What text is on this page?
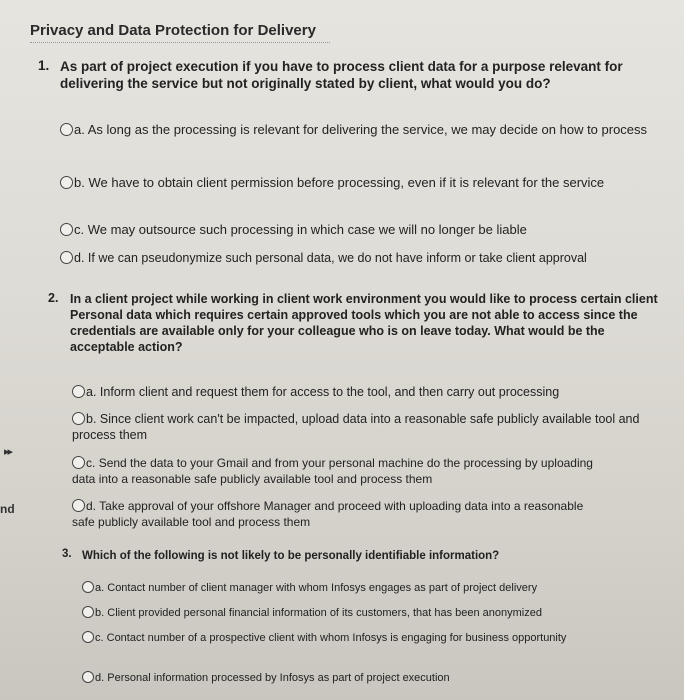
Privacy and Data Protection for Delivery
▸▸
nd
1. As part of project execution if you have to process client data for a purpose relevant for delivering the service but not originally stated by client, what would you do?
a. As long as the processing is relevant for delivering the service, we may decide on how to process
b. We have to obtain client permission before processing, even if it is relevant for the service
c. We may outsource such processing in which case we will no longer be liable
d. If we can pseudonymize such personal data, we do not have inform or take client approval
2. In a client project while working in client work environment you would like to process certain client Personal data which requires certain approved tools which you are not able to access since the credentials are available only for your colleague who is on leave today. What would be the acceptable action?
a. Inform client and request them for access to the tool, and then carry out processing
b. Since client work can't be impacted, upload data into a reasonable safe publicly available tool and process them
c. Send the data to your Gmail and from your personal machine do the processing by uploading data into a reasonable safe publicly available tool and process them
d. Take approval of your offshore Manager and proceed with uploading data into a reasonable safe publicly available tool and process them
3. Which of the following is not likely to be personally identifiable information?
a. Contact number of client manager with whom Infosys engages as part of project delivery
b. Client provided personal financial information of its customers, that has been anonymized
c. Contact number of a prospective client with whom Infosys is engaging for business opportunity
d. Personal information processed by Infosys as part of project execution
